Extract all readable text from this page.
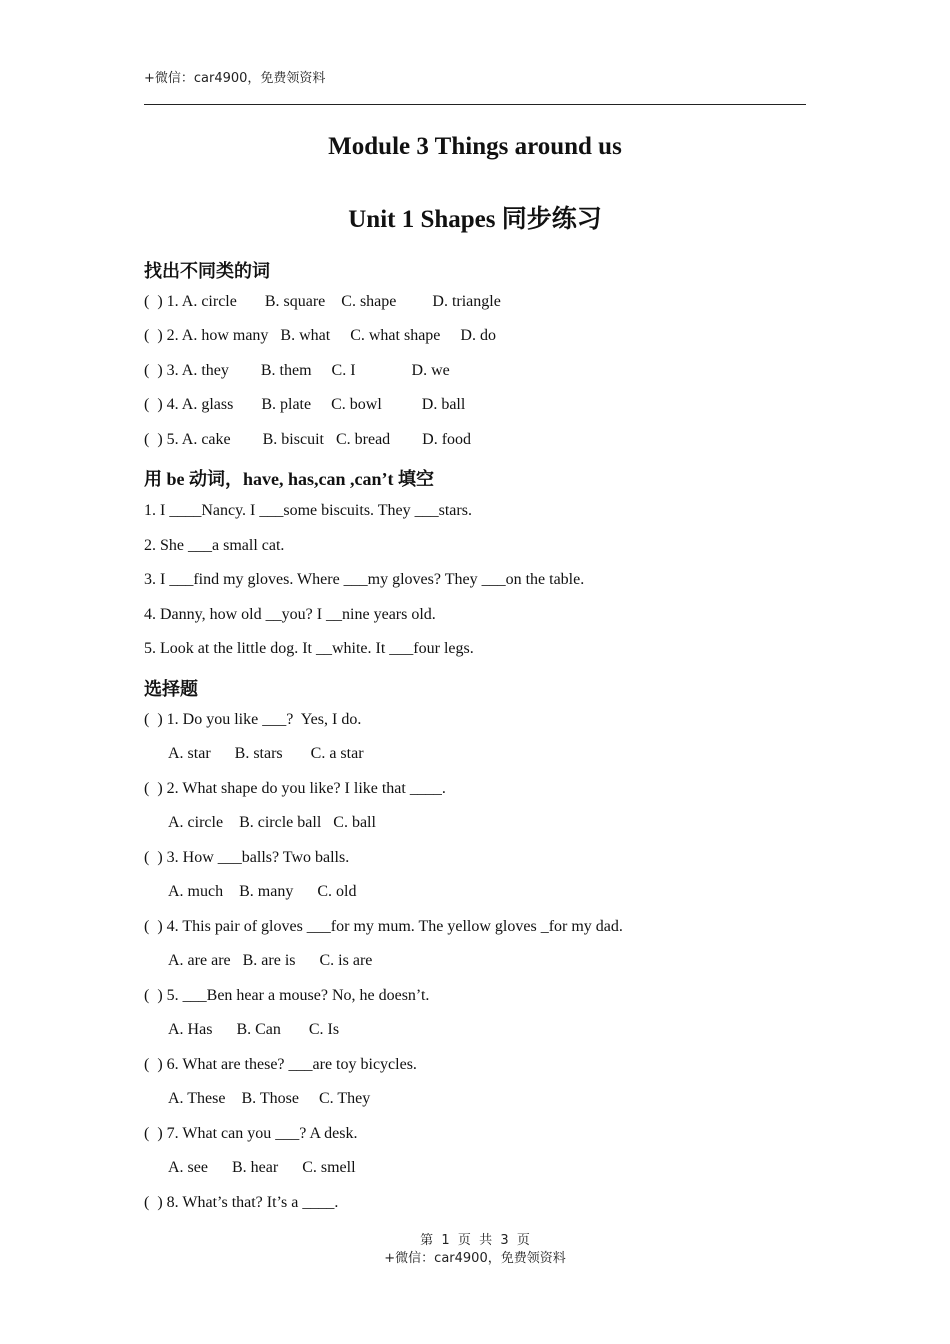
+微信：car4900，免费领资料
Module 3 Things around us
Unit 1 Shapes 同步练习
找出不同类的词
(  ) 1. A. circle       B. square    C. shape         D. triangle
(  ) 2. A. how many   B. what     C. what shape     D. do
(  ) 3. A. they        B. them     C. I              D. we
(  ) 4. A. glass       B. plate     C. bowl          D. ball
(  ) 5. A. cake        B. biscuit   C. bread        D. food
用 be 动词，have, has,can ,can’t 填空
1. I ____Nancy. I ___some biscuits. They ___stars.
2. She ___a small cat.
3. I ___find my gloves. Where ___my gloves? They ___on the table.
4. Danny, how old __you? I __nine years old.
5. Look at the little dog. It __white. It ___four legs.
选择题
(  ) 1. Do you like ___?  Yes, I do.
A. star      B. stars       C. a star
(  ) 2. What shape do you like? I like that ____.
A. circle    B. circle ball   C. ball
(  ) 3. How ___balls? Two balls.
A. much    B. many      C. old
(  ) 4. This pair of gloves ___for my mum. The yellow gloves _for my dad.
A. are are   B. are is      C. is are
(  ) 5. ___Ben hear a mouse? No, he doesn’t.
A. Has      B. Can       C. Is
(  ) 6. What are these? ___are toy bicycles.
A. These    B. Those     C. They
(  ) 7. What can you ___? A desk.
A. see      B. hear      C. smell
(  ) 8. What’s that? It’s a ____.
第  1  页  共  3  页
+微信：car4900，免费领资料
